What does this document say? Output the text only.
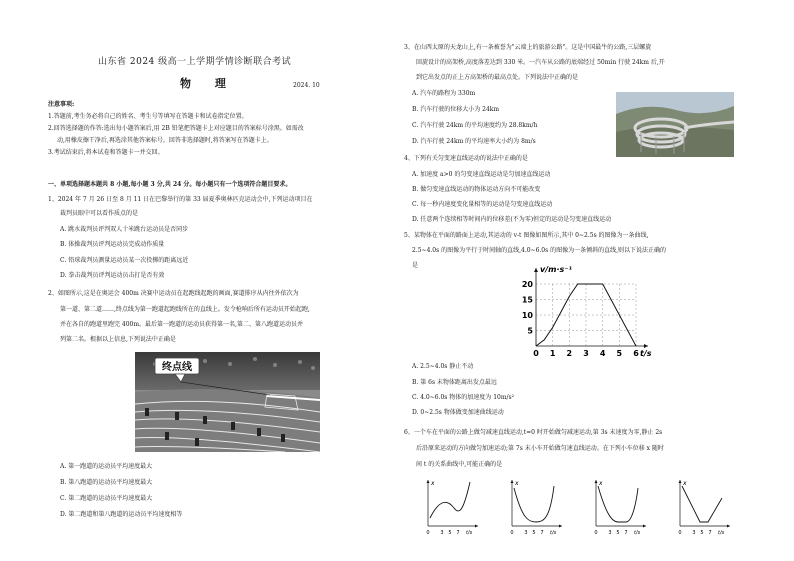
山东省 2024 级高一上学期学情诊断联合考试
物 理	2024. 10
注意事项:
1.答题前,考生务必将自己的姓名、考生号等填写在答题卡和试卷指定位置。
2.回答选择题的作答:选出每小题答案后,用 2B 铅笔把答题卡上对应题目的答案标号涂黑。如需改
动,用橡皮擦干净后,再选涂其他答案标号。回答非选择题时,将答案写在答题卡上。
3.考试结束后,将本试卷和答题卡一并交回。
一、单项选择题本题共 8 小题,每小题 3 分,共 24 分。每小题只有一个选项符合题目要求。
1、2024 年 7 月 26 日至 8 月 11 日在巴黎举行的第 33 届夏季奥林匹克运动会中,下列运动项目在
裁判员眼中可以看作质点的是
A. 跳水裁判员评判双人十米跳台运动员是否同步
B. 体操裁判员评判运动员完成动作质量
C. 铅球裁判员测量运动员某一次投掷的距离远近
D. 拳击裁判员评判运动员击打是否有效
2、如图所示,这是在奥运会 400m 决赛中运动员在起跑线起跑的画面,赛道排序从内往外依次为
第一道、第二道……,终点线为第一跑道起跑线所在的直线上。发令枪响后所有运动员开始起跑,
并在各自的跑道里跑完 400m。最后第一跑道的运动员获得第一名,第二、第八跑道运动员并
列第二名。根据以上信息,下列说法中正确是
终点线
A. 第一跑道的运动员平均速度最大
B. 第八跑道的运动员平均速度最大
C. 第二跑道的运动员平均速度最大
D. 第二跑道和第八跑道的运动员平均速度相等
3、在山西太原的天龙山上,有一条被誉为"云端上的旅游公路"。这是中国最牛的公路,三层螺旋
回旋设计的高架桥,高度落差达到 330 米。一汽车从公路的底端经过 50min 行驶 24km 后,开
到它出发点的正上方高架桥的最高点处。下列说法中正确的是
A. 汽车的路程为 330m
B. 汽车行驶的位移大小为 24km
C. 汽车行驶 24km 的平均速度约为 28.8km/h
D. 汽车行驶 24km 的平均速率大小约为 8m/s
4、下列有关匀变速直线运动的说法中正确的是
A. 加速度 a>0 的匀变速直线运动是匀加速直线运动
B. 做匀变速直线运动的物体运动方向不可能改变
C. 每一秒内速度变化量相等的运动是匀变速直线运动
D. 任意两个连续相等时间内的位移差(不为零)恒定的运动是匀变速直线运动
5、某物体在平面的路面上运动,其运动的 v-t 图像如图所示,其中 0~2.5s 的图像为一条曲线,
2.5~4.0s 的图像为平行于时间轴的直线,4.0~6.0s 的图像为一条倾斜的直线,则以下说法正确的
是
5
10
15
20
0 1 2 3 4 5 6 t/s
v/m·s⁻¹
A. 2.5~4.0s 静止不动
B. 第 6s 末物体距离出发点最远
C. 4.0~6.0s 物体的加速度为 10m/s²
D. 0~2.5s 物体做变加速曲线运动
6、一个车在平面的公路上做匀减速直线运动,t=0 时开始做匀减速运动,第 3s 末速度为零,静止 2s
后沿原来运动的方向做匀加速运动;第 7s 末小车开始做匀速直线运动。在下列小车位移 x 随时
间 t 的关系曲线中,可能正确的是
x
0 3 5 7 t/s
x
0 3 5 7 t/s
x
0 3 5 7 t/s
x
0 3 5 7 t/s
